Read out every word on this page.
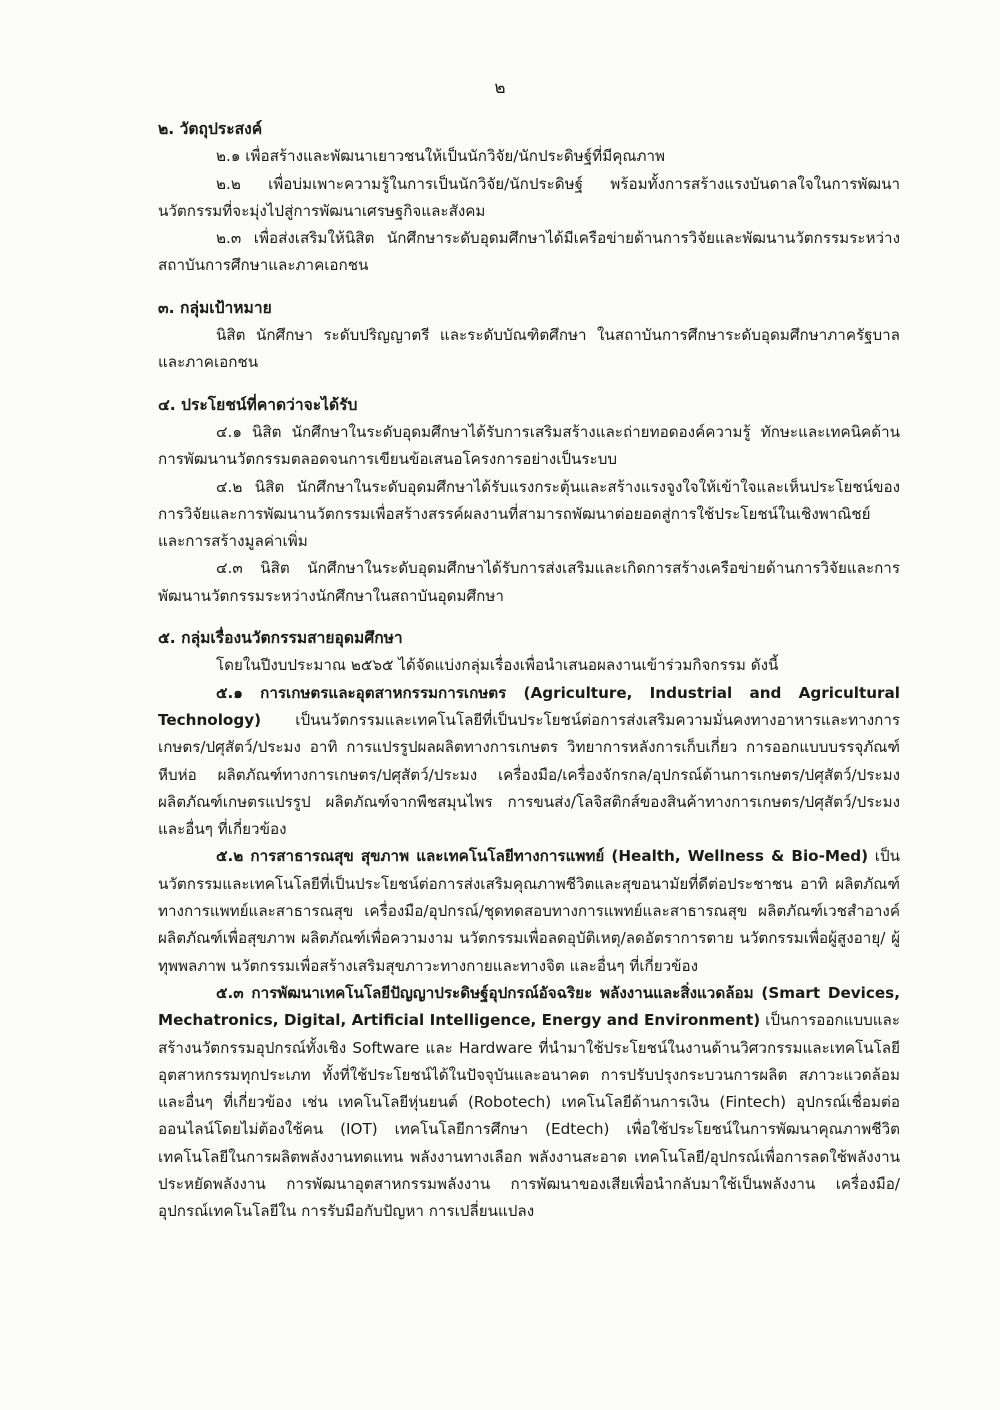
๒

๒. วัตถุประสงค์

๒.๑ เพื่อสร้างและพัฒนาเยาวชนให้เป็นนักวิจัย/นักประดิษฐ์ที่มีคุณภาพ

๒.๒ เพื่อบ่มเพาะความรู้ในการเป็นนักวิจัย/นักประดิษฐ์ พร้อมทั้งการสร้างแรงบันดาลใจในการพัฒนานวัตกรรมที่จะมุ่งไปสู่การพัฒนาเศรษฐกิจและสังคม

๒.๓ เพื่อส่งเสริมให้นิสิต นักศึกษาระดับอุดมศึกษาได้มีเครือข่ายด้านการวิจัยและพัฒนานวัตกรรมระหว่างสถาบันการศึกษาและภาคเอกชน

๓. กลุ่มเป้าหมาย

นิสิต นักศึกษา ระดับปริญญาตรี และระดับบัณฑิตศึกษา ในสถาบันการศึกษาระดับอุดมศึกษาภาครัฐบาลและภาคเอกชน

๔. ประโยชน์ที่คาดว่าจะได้รับ

๔.๑ นิสิต นักศึกษาในระดับอุดมศึกษาได้รับการเสริมสร้างและถ่ายทอดองค์ความรู้ ทักษะและเทคนิคด้านการพัฒนานวัตกรรมตลอดจนการเขียนข้อเสนอโครงการอย่างเป็นระบบ

๔.๒ นิสิต นักศึกษาในระดับอุดมศึกษาได้รับแรงกระตุ้นและสร้างแรงจูงใจให้เข้าใจและเห็นประโยชน์ของการวิจัยและการพัฒนานวัตกรรมเพื่อสร้างสรรค์ผลงานที่สามารถพัฒนาต่อยอดสู่การใช้ประโยชน์ในเชิงพาณิชย์ และการสร้างมูลค่าเพิ่ม

๔.๓ นิสิต นักศึกษาในระดับอุดมศึกษาได้รับการส่งเสริมและเกิดการสร้างเครือข่ายด้านการวิจัยและการพัฒนานวัตกรรมระหว่างนักศึกษาในสถาบันอุดมศึกษา

๕. กลุ่มเรื่องนวัตกรรมสายอุดมศึกษา

โดยในปีงบประมาณ ๒๕๖๕ ได้จัดแบ่งกลุ่มเรื่องเพื่อนำเสนอผลงานเข้าร่วมกิจกรรม ดังนี้

๕.๑ การเกษตรและอุตสาหกรรมการเกษตร (Agriculture, Industrial and Agricultural Technology) เป็นนวัตกรรมและเทคโนโลยีที่เป็นประโยชน์ต่อการส่งเสริมความมั่นคงทางอาหารและทางการเกษตร/ปศุสัตว์/ประมง อาทิ การแปรรูปผลผลิตทางการเกษตร วิทยาการหลังการเก็บเกี่ยว การออกแบบบรรจุภัณฑ์หีบห่อ ผลิตภัณฑ์ทางการเกษตร/ปศุสัตว์/ประมง เครื่องมือ/เครื่องจักรกล/อุปกรณ์ด้านการเกษตร/ปศุสัตว์/ประมง ผลิตภัณฑ์เกษตรแปรรูป ผลิตภัณฑ์จากพืชสมุนไพร การขนส่ง/โลจิสติกส์ของสินค้าทางการเกษตร/ปศุสัตว์/ประมง และอื่นๆ ที่เกี่ยวข้อง

๕.๒ การสาธารณสุข สุขภาพ และเทคโนโลยีทางการแพทย์ (Health, Wellness & Bio-Med) เป็นนวัตกรรมและเทคโนโลยีที่เป็นประโยชน์ต่อการส่งเสริมคุณภาพชีวิตและสุขอนามัยที่ดีต่อประชาชน อาทิ ผลิตภัณฑ์ทางการแพทย์และสาธารณสุข เครื่องมือ/อุปกรณ์/ชุดทดสอบทางการแพทย์และสาธารณสุข ผลิตภัณฑ์เวชสำอางค์ ผลิตภัณฑ์เพื่อสุขภาพ ผลิตภัณฑ์เพื่อความงาม นวัตกรรมเพื่อลดอุบัติเหตุ/ลดอัตราการตาย นวัตกรรมเพื่อผู้สูงอายุ/ ผู้ทุพพลภาพ นวัตกรรมเพื่อสร้างเสริมสุขภาวะทางกายและทางจิต และอื่นๆ ที่เกี่ยวข้อง

๕.๓ การพัฒนาเทคโนโลยีปัญญาประดิษฐ์อุปกรณ์อัจฉริยะ พลังงานและสิ่งแวดล้อม (Smart Devices, Mechatronics, Digital, Artificial Intelligence, Energy and Environment) เป็นการออกแบบและสร้างนวัตกรรมอุปกรณ์ทั้งเชิง Software และ Hardware ที่นำมาใช้ประโยชน์ในงานด้านวิศวกรรมและเทคโนโลยีอุตสาหกรรมทุกประเภท ทั้งที่ใช้ประโยชน์ได้ในปัจจุบันและอนาคต การปรับปรุงกระบวนการผลิต สภาวะแวดล้อม และอื่นๆ ที่เกี่ยวข้อง เช่น เทคโนโลยีหุ่นยนต์ (Robotech) เทคโนโลยีด้านการเงิน (Fintech) อุปกรณ์เชื่อมต่อออนไลน์โดยไม่ต้องใช้คน (IOT) เทคโนโลยีการศึกษา (Edtech) เพื่อใช้ประโยชน์ในการพัฒนาคุณภาพชีวิต เทคโนโลยีในการผลิตพลังงานทดแทน พลังงานทางเลือก พลังงานสะอาด เทคโนโลยี/อุปกรณ์เพื่อการลดใช้พลังงาน ประหยัดพลังงาน การพัฒนาอุตสาหกรรมพลังงาน การพัฒนาของเสียเพื่อนำกลับมาใช้เป็นพลังงาน เครื่องมือ/อุปกรณ์เทคโนโลยีใน การรับมือกับปัญหา การเปลี่ยนแปลง
